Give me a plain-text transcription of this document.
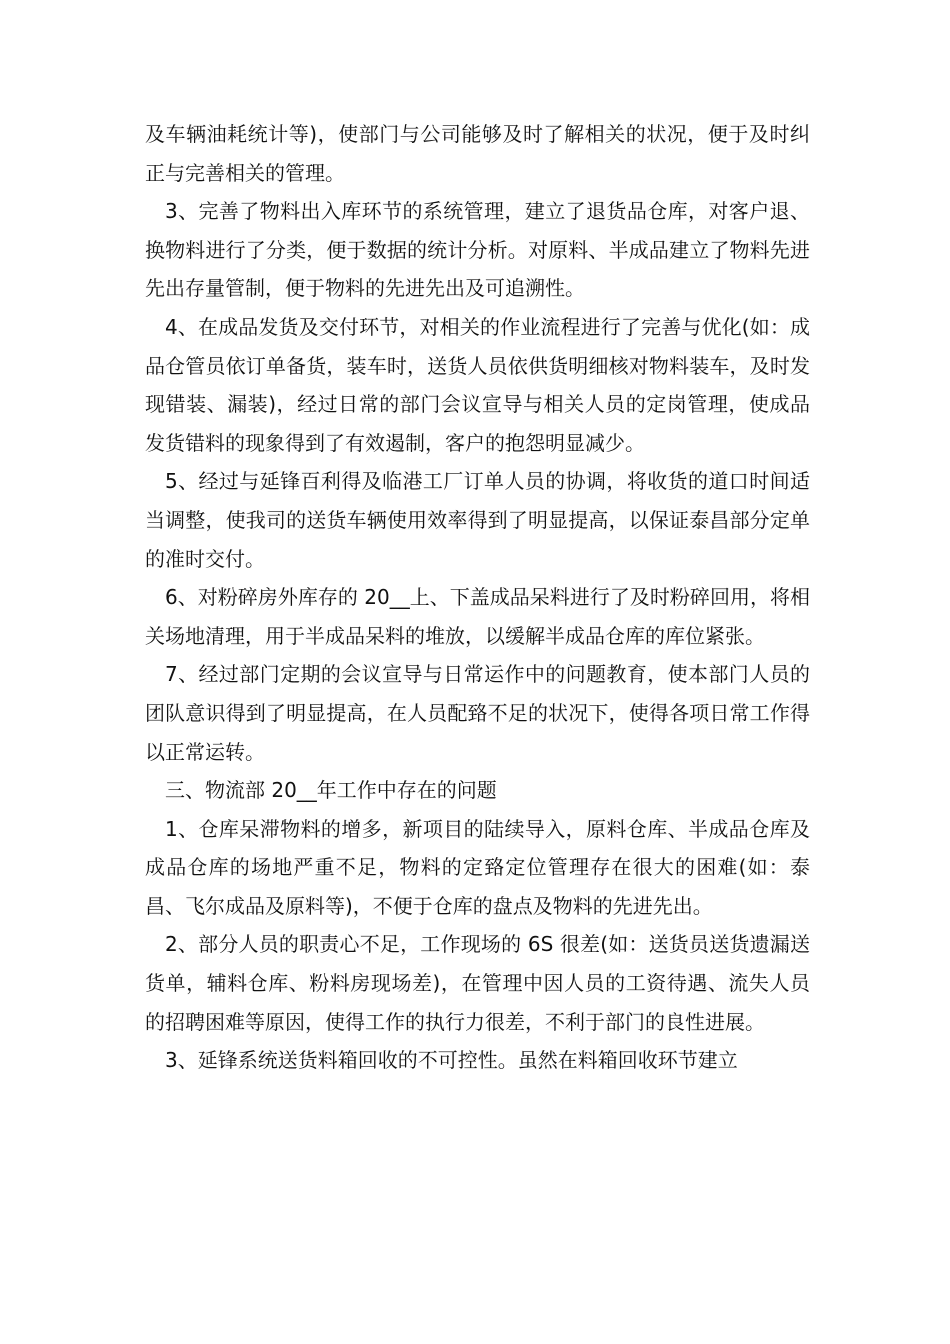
及车辆油耗统计等)，使部门与公司能够及时了解相关的状况，便于及时纠正与完善相关的管理。

3、完善了物料出入库环节的系统管理，建立了退货品仓库，对客户退、换物料进行了分类，便于数据的统计分析。对原料、半成品建立了物料先进先出存量管制，便于物料的先进先出及可追溯性。

4、在成品发货及交付环节，对相关的作业流程进行了完善与优化(如：成品仓管员依订单备货，装车时，送货人员依供货明细核对物料装车，及时发现错装、漏装)，经过日常的部门会议宣导与相关人员的定岗管理，使成品发货错料的现象得到了有效遏制，客户的抱怨明显减少。

5、经过与延锋百利得及临港工厂订单人员的协调，将收货的道口时间适当调整，使我司的送货车辆使用效率得到了明显提高，以保证泰昌部分定单的准时交付。

6、对粉碎房外库存的 20__上、下盖成品呆料进行了及时粉碎回用，将相关场地清理，用于半成品呆料的堆放，以缓解半成品仓库的库位紧张。

7、经过部门定期的会议宣导与日常运作中的问题教育，使本部门人员的团队意识得到了明显提高，在人员配臵不足的状况下，使得各项日常工作得以正常运转。

三、物流部 20__年工作中存在的问题

1、仓库呆滞物料的增多，新项目的陆续导入，原料仓库、半成品仓库及成品仓库的场地严重不足，物料的定臵定位管理存在很大的困难(如：泰昌、飞尔成品及原料等)，不便于仓库的盘点及物料的先进先出。

2、部分人员的职责心不足，工作现场的 6S 很差(如：送货员送货遗漏送货单，辅料仓库、粉料房现场差)，在管理中因人员的工资待遇、流失人员的招聘困难等原因，使得工作的执行力很差，不利于部门的良性进展。

3、延锋系统送货料箱回收的不可控性。虽然在料箱回收环节建立
